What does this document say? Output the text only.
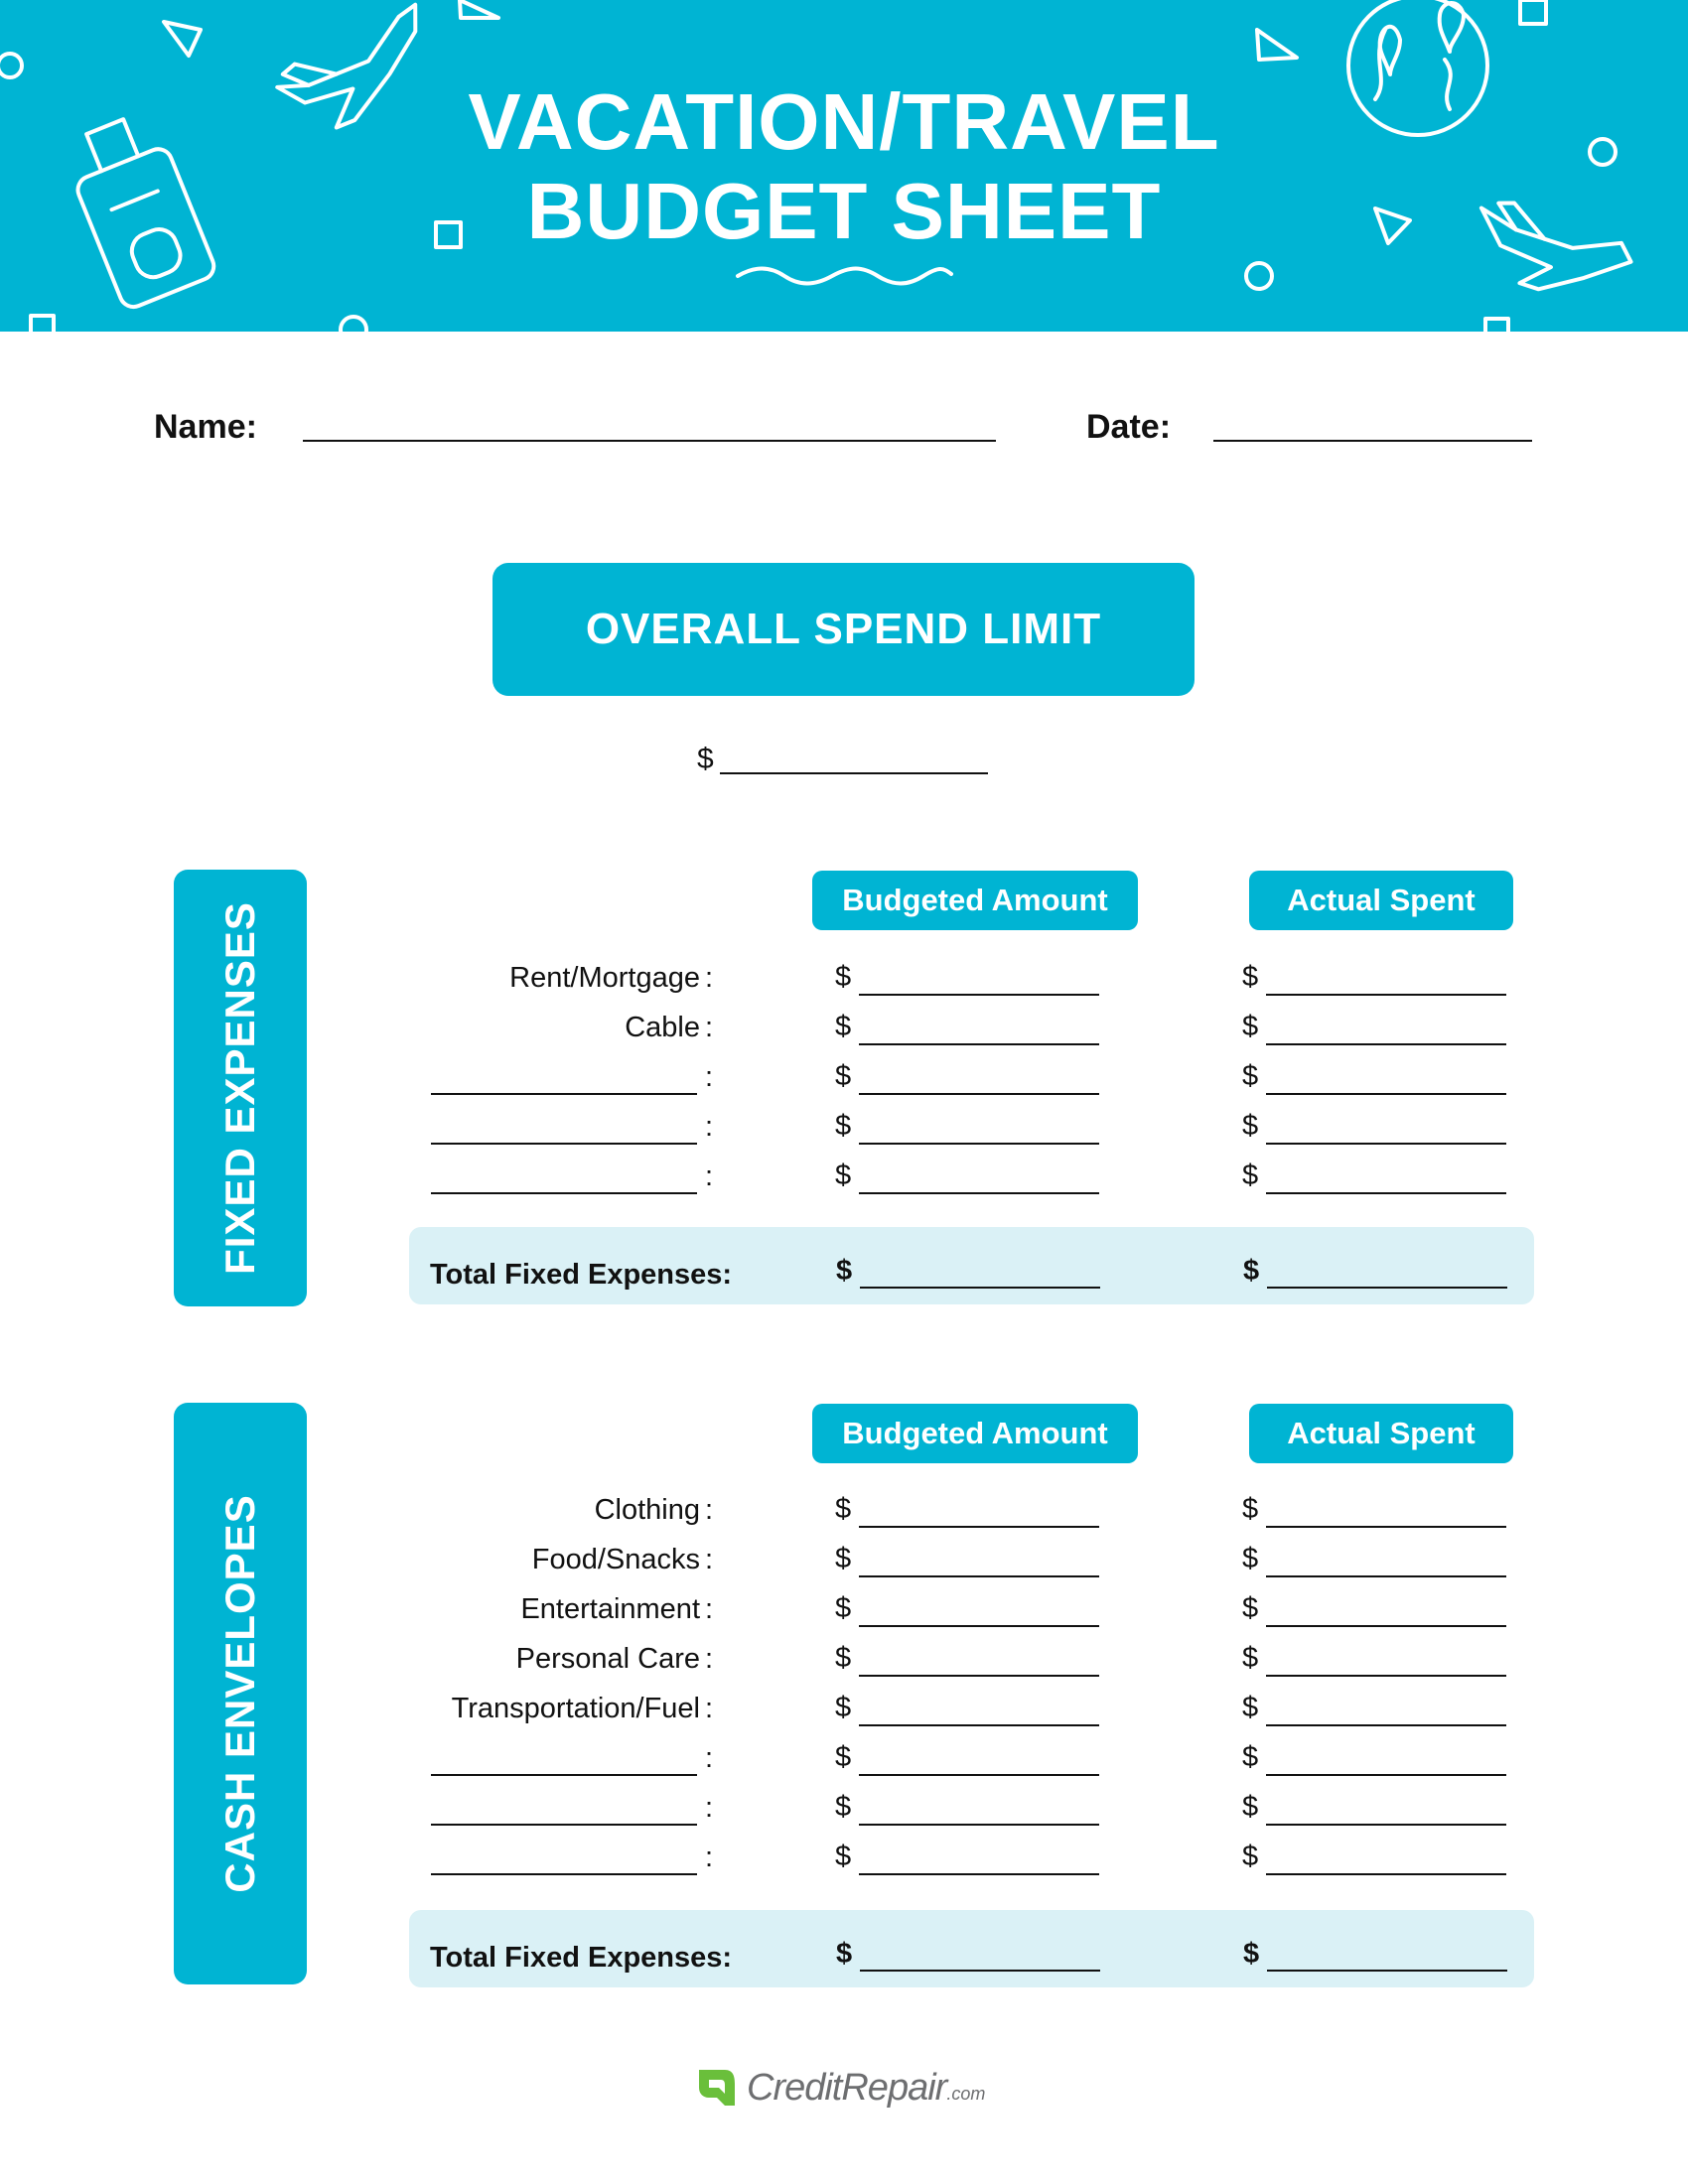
VACATION/TRAVEL
BUDGET SHEET
Name:	Date:
OVERALL SPEND LIMIT
$
FIXED EXPENSES
Budgeted Amount	Actual Spent
Rent/Mortgage :	$	$
Cable :	$	$
:	$	$
:	$	$
:	$	$
Total Fixed Expenses:	$	$
CASH ENVELOPES
Budgeted Amount	Actual Spent
Clothing :	$	$
Food/Snacks :	$	$
Entertainment :	$	$
Personal Care :	$	$
Transportation/Fuel :	$	$
:	$	$
:	$	$
:	$	$
Total Fixed Expenses:	$	$
CreditRepair.com
